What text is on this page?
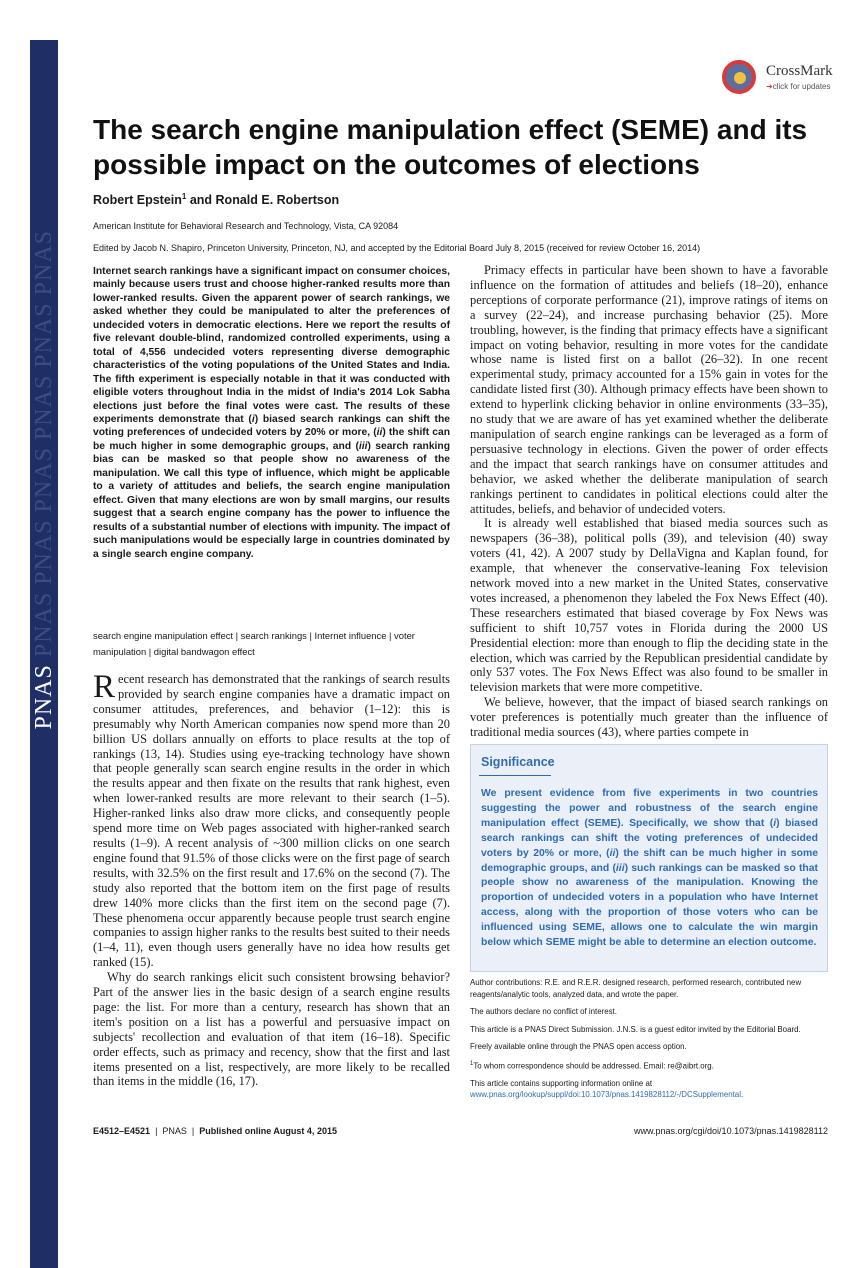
PNAS PNAS PNAS PNAS PNAS PNAS PNAS
CrossMark
➜click for updates
The search engine manipulation effect (SEME) and its possible impact on the outcomes of elections
Robert Epstein$^1$ and Ronald E. Robertson
American Institute for Behavioral Research and Technology, Vista, CA 92084
Edited by Jacob N. Shapiro, Princeton University, Princeton, NJ, and accepted by the Editorial Board July 8, 2015 (received for review October 16, 2014)
Internet search rankings have a significant impact on consumer choices, mainly because users trust and choose higher-ranked results more than lower-ranked results. Given the apparent power of search rankings, we asked whether they could be manipulated to alter the preferences of undecided voters in democratic elections. Here we report the results of five relevant double-blind, randomized controlled experiments, using a total of 4,556 undecided voters representing diverse demographic characteristics of the voting populations of the United States and India. The fifth experiment is especially notable in that it was conducted with eligible voters throughout India in the midst of India's 2014 Lok Sabha elections just before the final votes were cast. The results of these experiments demonstrate that (i) biased search rankings can shift the voting preferences of undecided voters by 20% or more, (ii) the shift can be much higher in some demographic groups, and (iii) search ranking bias can be masked so that people show no awareness of the manipulation. We call this type of influence, which might be applicable to a variety of attitudes and beliefs, the search engine manipulation effect. Given that many elections are won by small margins, our results suggest that a search engine company has the power to influence the results of a substantial number of elections with impunity. The impact of such manipulations would be especially large in countries dominated by a single search engine company.
search engine manipulation effect | search rankings | Internet influence | voter manipulation | digital bandwagon effect

Recent research has demonstrated that the rankings of search results provided by search engine companies have a dramatic impact on consumer attitudes, preferences, and behavior (1–12): this is presumably why North American companies now spend more than 20 billion US dollars annually on efforts to place results at the top of rankings (13, 14). Studies using eye-tracking technology have shown that people generally scan search engine results in the order in which the results appear and then fixate on the results that rank highest, even when lower-ranked results are more relevant to their search (1–5). Higher-ranked links also draw more clicks, and consequently people spend more time on Web pages associated with higher-ranked search results (1–9). A recent analysis of ~300 million clicks on one search engine found that 91.5% of those clicks were on the first page of search results, with 32.5% on the first result and 17.6% on the second (7). The study also reported that the bottom item on the first page of results drew 140% more clicks than the first item on the second page (7). These phenomena occur apparently because people trust search engine companies to assign higher ranks to the results best suited to their needs (1–4, 11), even though users generally have no idea how results get ranked (15).

Why do search rankings elicit such consistent browsing behavior? Part of the answer lies in the basic design of a search engine results page: the list. For more than a century, research has shown that an item's position on a list has a powerful and persuasive impact on subjects' recollection and evaluation of that item (16–18). Specific order effects, such as primacy and recency, show that the first and last items presented on a list, respectively, are more likely to be recalled than items in the middle (16, 17).

Primacy effects in particular have been shown to have a favorable influence on the formation of attitudes and beliefs (18–20), enhance perceptions of corporate performance (21), improve ratings of items on a survey (22–24), and increase purchasing behavior (25). More troubling, however, is the finding that primacy effects have a significant impact on voting behavior, resulting in more votes for the candidate whose name is listed first on a ballot (26–32). In one recent experimental study, primacy accounted for a 15% gain in votes for the candidate listed first (30). Although primacy effects have been shown to extend to hyperlink clicking behavior in online environments (33–35), no study that we are aware of has yet examined whether the deliberate manipulation of search engine rankings can be leveraged as a form of persuasive technology in elections. Given the power of order effects and the impact that search rankings have on consumer attitudes and behavior, we asked whether the deliberate manipulation of search rankings pertinent to candidates in political elections could alter the attitudes, beliefs, and behavior of undecided voters.

It is already well established that biased media sources such as newspapers (36–38), political polls (39), and television (40) sway voters (41, 42). A 2007 study by DellaVigna and Kaplan found, for example, that whenever the conservative-leaning Fox television network moved into a new market in the United States, conservative votes increased, a phenomenon they labeled the Fox News Effect (40). These researchers estimated that biased coverage by Fox News was sufficient to shift 10,757 votes in Florida during the 2000 US Presidential election: more than enough to flip the deciding state in the election, which was carried by the Republican presidential candidate by only 537 votes. The Fox News Effect was also found to be smaller in television markets that were more competitive.

We believe, however, that the impact of biased search rankings on voter preferences is potentially much greater than the influence of traditional media sources (43), where parties compete in

Significance
We present evidence from five experiments in two countries suggesting the power and robustness of the search engine manipulation effect (SEME). Specifically, we show that (i) biased search rankings can shift the voting preferences of undecided voters by 20% or more, (ii) the shift can be much higher in some demographic groups, and (iii) such rankings can be masked so that people show no awareness of the manipulation. Knowing the proportion of undecided voters in a population who have Internet access, along with the proportion of those voters who can be influenced using SEME, allows one to calculate the win margin below which SEME might be able to determine an election outcome.

Author contributions: R.E. and R.E.R. designed research, performed research, contributed new reagents/analytic tools, analyzed data, and wrote the paper.

The authors declare no conflict of interest.

This article is a PNAS Direct Submission. J.N.S. is a guest editor invited by the Editorial Board.

Freely available online through the PNAS open access option.

$^1$To whom correspondence should be addressed. Email: re@aibrt.org.

This article contains supporting information online at www.pnas.org/lookup/suppl/doi:10.1073/pnas.1419828112/-/DCSupplemental.

E4512–E4521  |  PNAS  |  Published online August 4, 2015	www.pnas.org/cgi/doi/10.1073/pnas.1419828112
